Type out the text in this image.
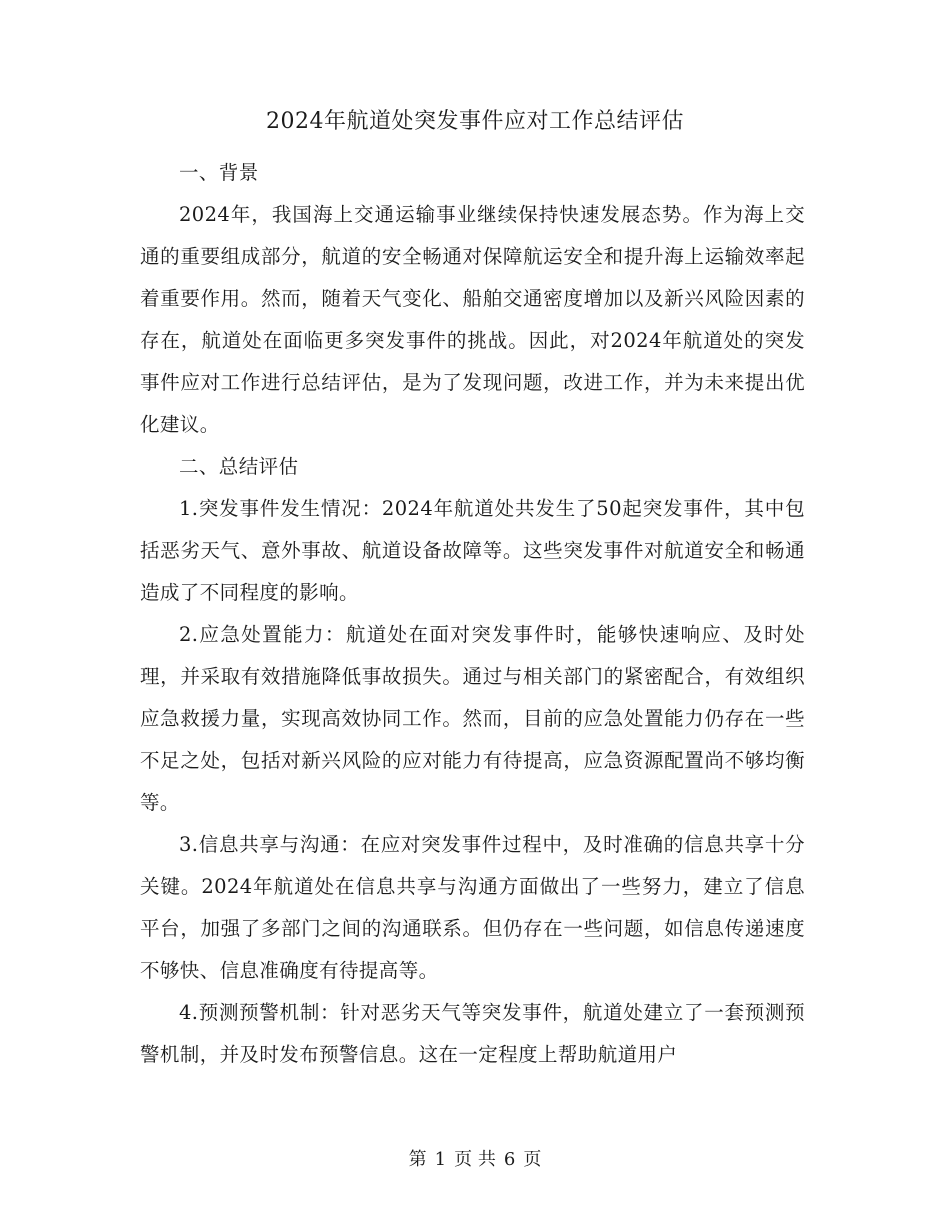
2024年航道处突发事件应对工作总结评估

一、背景

2024年，我国海上交通运输事业继续保持快速发展态势。作为海上交通的重要组成部分，航道的安全畅通对保障航运安全和提升海上运输效率起着重要作用。然而，随着天气变化、船舶交通密度增加以及新兴风险因素的存在，航道处在面临更多突发事件的挑战。因此，对2024年航道处的突发事件应对工作进行总结评估，是为了发现问题，改进工作，并为未来提出优化建议。

二、总结评估

1.突发事件发生情况：2024年航道处共发生了50起突发事件，其中包括恶劣天气、意外事故、航道设备故障等。这些突发事件对航道安全和畅通造成了不同程度的影响。

2.应急处置能力：航道处在面对突发事件时，能够快速响应、及时处理，并采取有效措施降低事故损失。通过与相关部门的紧密配合，有效组织应急救援力量，实现高效协同工作。然而，目前的应急处置能力仍存在一些不足之处，包括对新兴风险的应对能力有待提高，应急资源配置尚不够均衡等。

3.信息共享与沟通：在应对突发事件过程中，及时准确的信息共享十分关键。2024年航道处在信息共享与沟通方面做出了一些努力，建立了信息平台，加强了多部门之间的沟通联系。但仍存在一些问题，如信息传递速度不够快、信息准确度有待提高等。

4.预测预警机制：针对恶劣天气等突发事件，航道处建立了一套预测预警机制，并及时发布预警信息。这在一定程度上帮助航道用户

第 1 页 共 6 页
